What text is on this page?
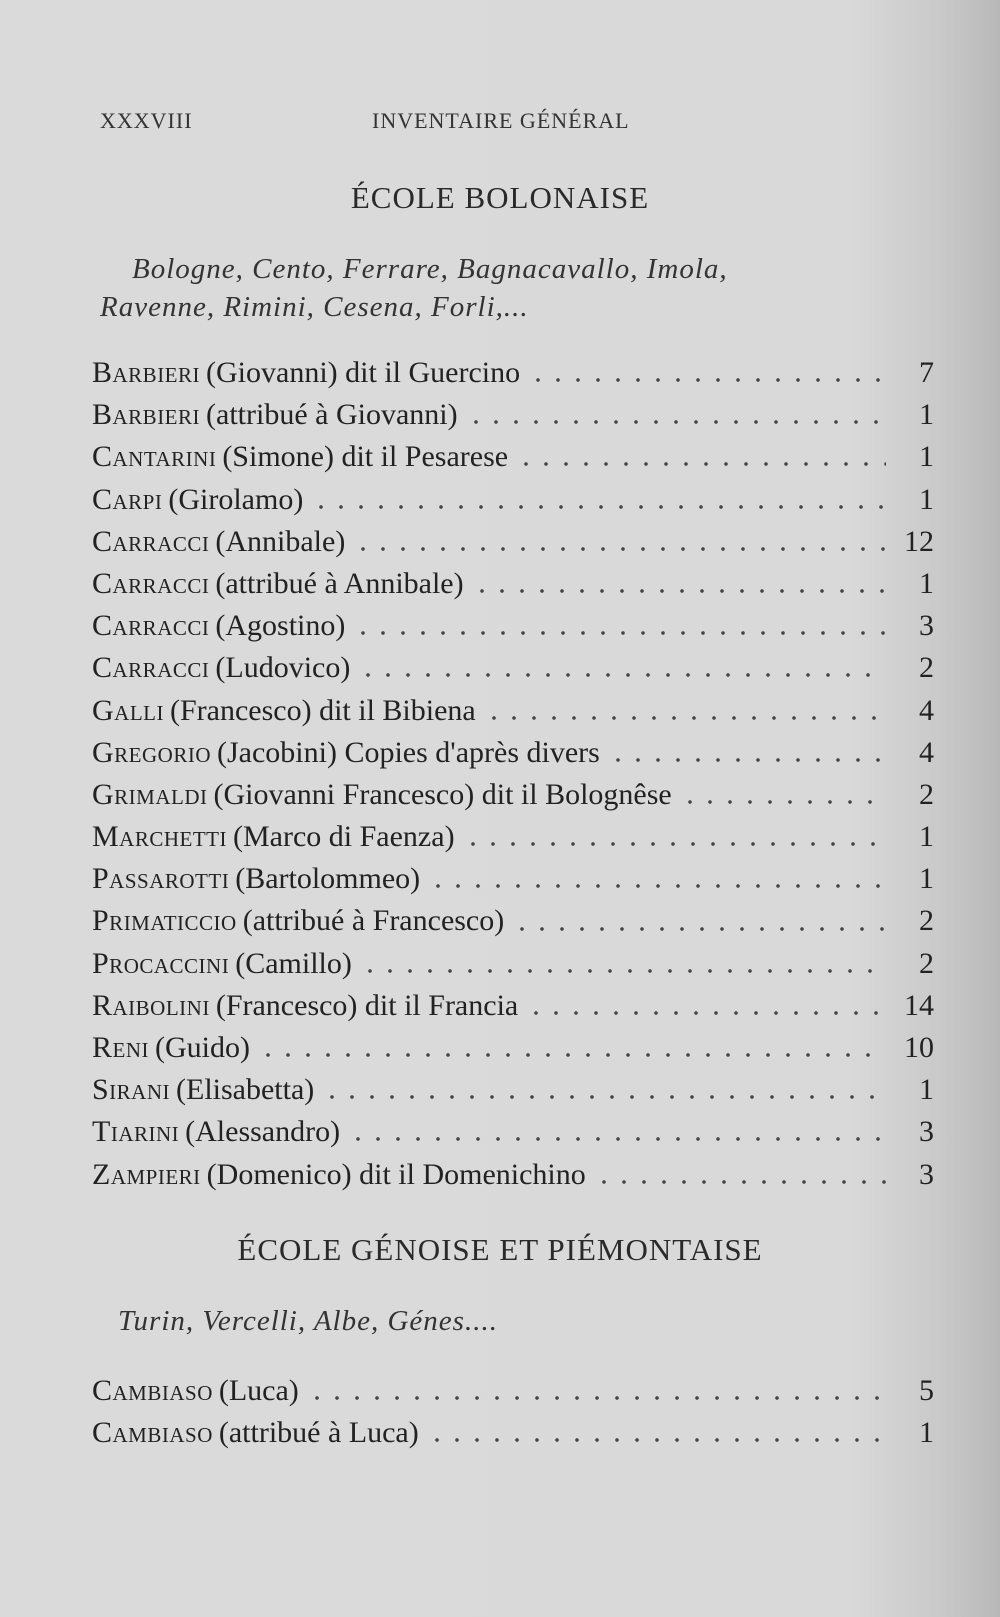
XXXVIII	INVENTAIRE GÉNÉRAL
ÉCOLE BOLONAISE
Bologne, Cento, Ferrare, Bagnacavallo, Imola,
Ravenne, Rimini, Cesena, Forli,...
Barbieri (Giovanni) dit il Guercino	7
Barbieri (attribué à Giovanni)	1
Cantarini (Simone) dit il Pesarese	1
Carpi (Girolamo)	1
Carracci (Annibale)	12
Carracci (attribué à Annibale)	1
Carracci (Agostino)	3
Carracci (Ludovico)	2
Galli (Francesco) dit il Bibiena	4
Gregorio (Jacobini) Copies d'après divers	4
Grimaldi (Giovanni Francesco) dit il Bolognêse	2
Marchetti (Marco di Faenza)	1
Passarotti (Bartolommeo)	1
Primaticcio (attribué à Francesco)	2
Procaccini (Camillo)	2
Raibolini (Francesco) dit il Francia	14
Reni (Guido)	10
Sirani (Elisabetta)	1
Tiarini (Alessandro)	3
Zampieri (Domenico) dit il Domenichino	3
ÉCOLE GÉNOISE ET PIÉMONTAISE
Turin, Vercelli, Albe, Génes....
Cambiaso (Luca)	5
Cambiaso (attribué à Luca)	1
